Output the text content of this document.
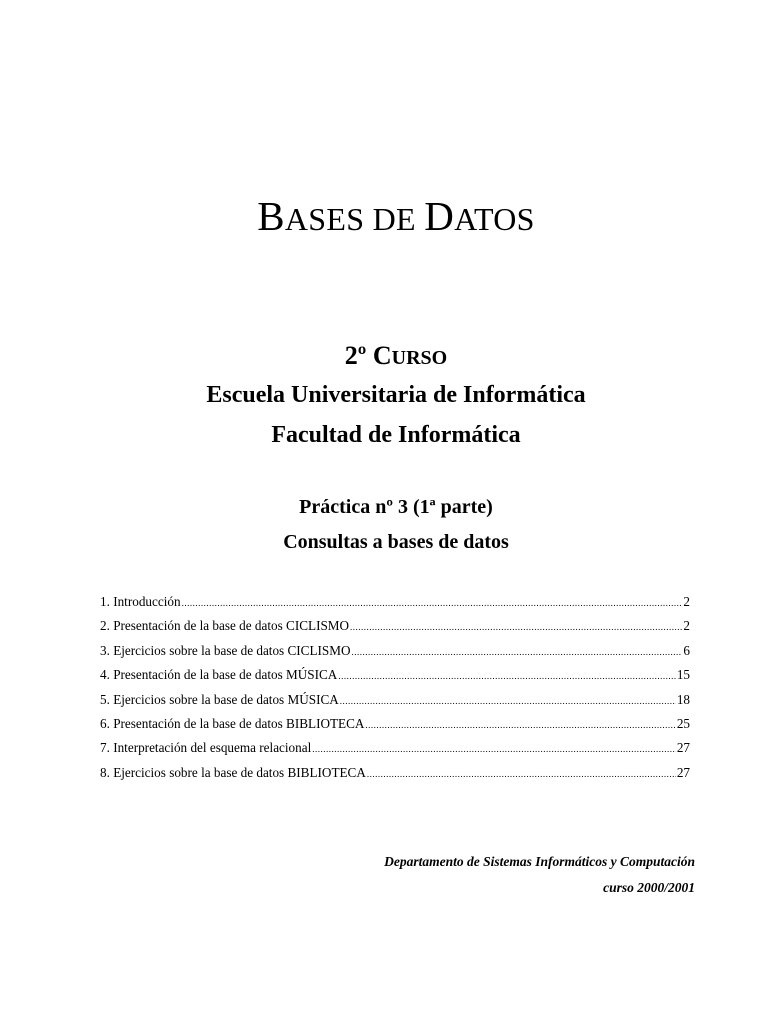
BASES DE DATOS
2º CURSO
Escuela Universitaria de Informática
Facultad de Informática
Práctica nº 3 (1ª parte)
Consultas a bases de datos
1. Introducción .....	2
2. Presentación de la base de datos CICLISMO .....	2
3. Ejercicios sobre la base de datos CICLISMO .....	6
4. Presentación de la base de datos MÚSICA .....	15
5. Ejercicios sobre la base de datos MÚSICA .....	18
6. Presentación de la base de datos BIBLIOTECA .....	25
7. Interpretación del esquema relacional .....	27
8. Ejercicios sobre la base de datos BIBLIOTECA .....	27
Departamento de Sistemas Informáticos y Computación
curso 2000/2001
